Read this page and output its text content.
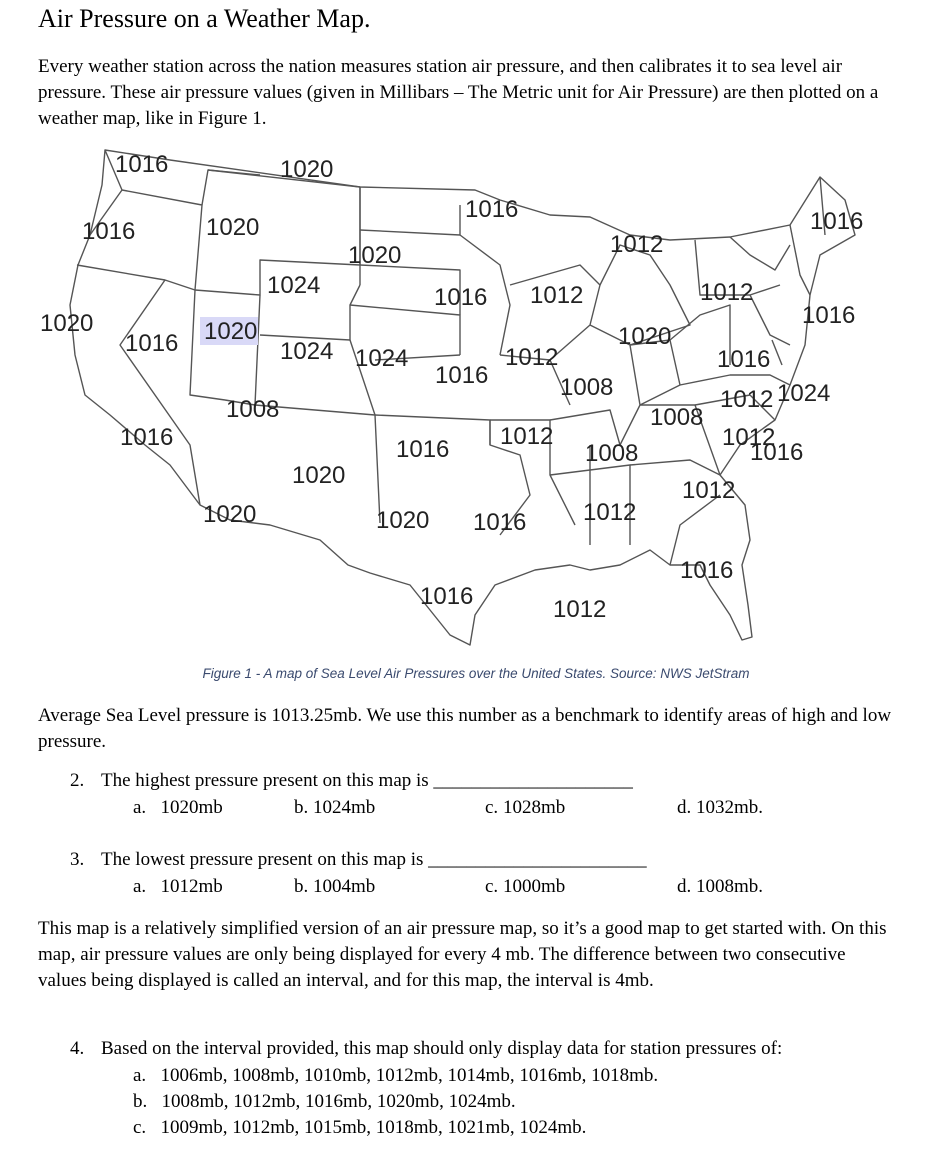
Air Pressure on a Weather Map.
Every weather station across the nation measures station air pressure, and then calibrates it to sea level air pressure. These air pressure values (given in Millibars – The Metric unit for Air Pressure) are then plotted on a weather map, like in Figure 1.
1016	1020
1016	1020
1016
1020	1012
1016
1024
1020
1016 1012	1012
1016
1016 1020
1024 1024
1020
1008
1016
1012	1016
1008
1012
1008
1024
1016
1020
1012	1012
1008
1016
1020	1012
1020 1016
1012
1012
1016
1016
1016
Figure 1 - A map of Sea Level Air Pressures over the United States. Source: NWS JetStram
Average Sea Level pressure is 1013.25mb. We use this number as a benchmark to identify areas of high and low pressure.
2. The highest pressure present on this map is _____________________
a. 1020mb	b. 1024mb	c. 1028mb	d. 1032mb.
3. The lowest pressure present on this map is _______________________
a. 1012mb	b. 1004mb	c. 1000mb	d. 1008mb.
This map is a relatively simplified version of an air pressure map, so it’s a good map to get started with. On this map, air pressure values are only being displayed for every 4 mb. The difference between two consecutive values being displayed is called an interval, and for this map, the interval is 4mb.
4. Based on the interval provided, this map should only display data for station pressures of:
a. 1006mb, 1008mb, 1010mb, 1012mb, 1014mb, 1016mb, 1018mb.
b. 1008mb, 1012mb, 1016mb, 1020mb, 1024mb.
c. 1009mb, 1012mb, 1015mb, 1018mb, 1021mb, 1024mb.
